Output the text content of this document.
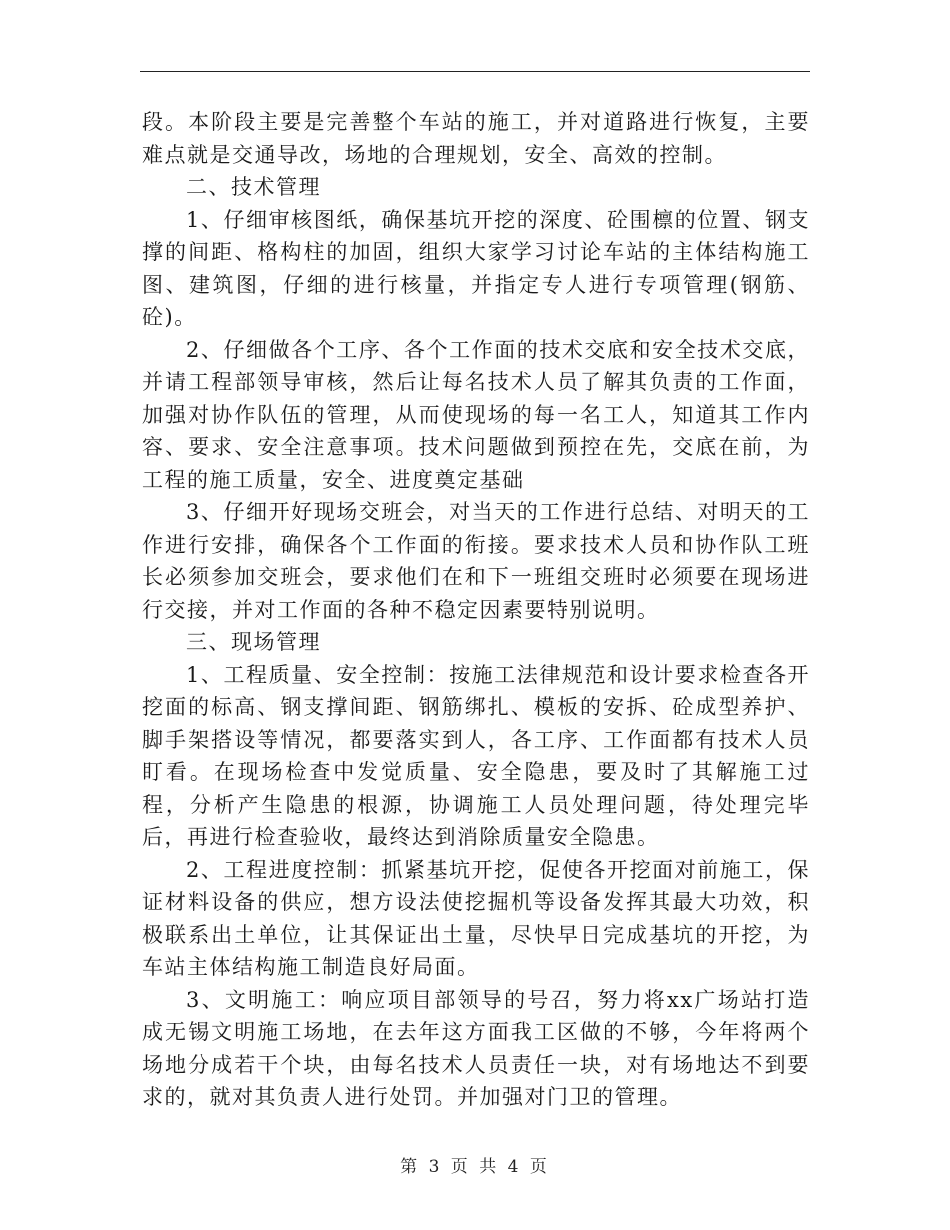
段。本阶段主要是完善整个车站的施工，并对道路进行恢复，主要难点就是交通导改，场地的合理规划，安全、高效的控制。

二、技术管理

1、仔细审核图纸，确保基坑开挖的深度、砼围檩的位置、钢支撑的间距、格构柱的加固，组织大家学习讨论车站的主体结构施工图、建筑图，仔细的进行核量，并指定专人进行专项管理(钢筋、砼)。

2、仔细做各个工序、各个工作面的技术交底和安全技术交底，并请工程部领导审核，然后让每名技术人员了解其负责的工作面，加强对协作队伍的管理，从而使现场的每一名工人，知道其工作内容、要求、安全注意事项。技术问题做到预控在先，交底在前，为工程的施工质量，安全、进度奠定基础

3、仔细开好现场交班会，对当天的工作进行总结、对明天的工作进行安排，确保各个工作面的衔接。要求技术人员和协作队工班长必须参加交班会，要求他们在和下一班组交班时必须要在现场进行交接，并对工作面的各种不稳定因素要特别说明。

三、现场管理

1、工程质量、安全控制：按施工法律规范和设计要求检查各开挖面的标高、钢支撑间距、钢筋绑扎、模板的安拆、砼成型养护、脚手架搭设等情况，都要落实到人，各工序、工作面都有技术人员盯看。在现场检查中发觉质量、安全隐患，要及时了其解施工过程，分析产生隐患的根源，协调施工人员处理问题，待处理完毕后，再进行检查验收，最终达到消除质量安全隐患。

2、工程进度控制：抓紧基坑开挖，促使各开挖面对前施工，保证材料设备的供应，想方设法使挖掘机等设备发挥其最大功效，积极联系出土单位，让其保证出土量，尽快早日完成基坑的开挖，为车站主体结构施工制造良好局面。

3、文明施工：响应项目部领导的号召，努力将xx广场站打造成无锡文明施工场地，在去年这方面我工区做的不够，今年将两个场地分成若干个块，由每名技术人员责任一块，对有场地达不到要求的，就对其负责人进行处罚。并加强对门卫的管理。

第 3 页 共 4 页
